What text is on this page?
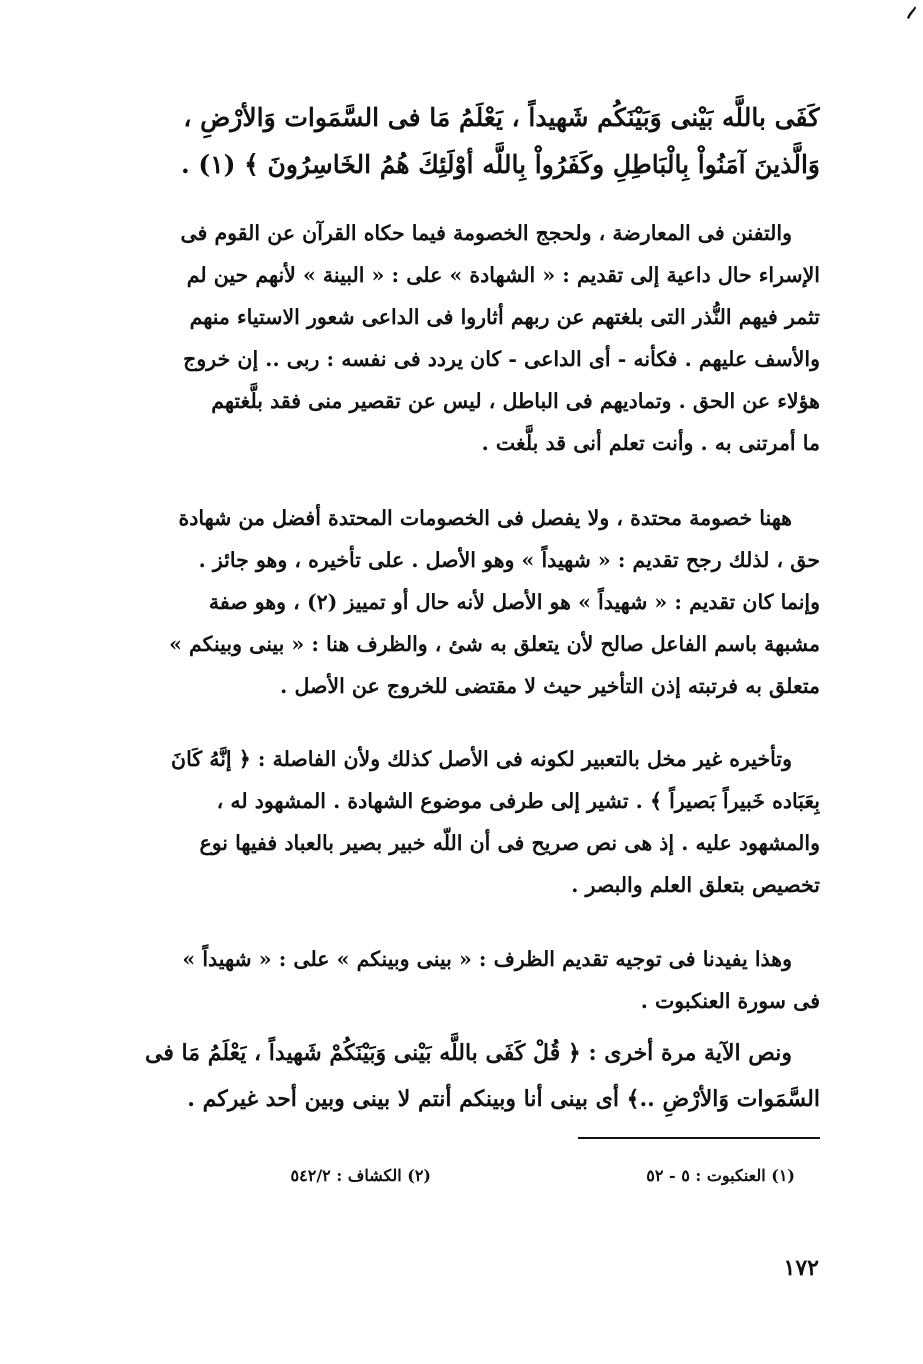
كَفَى باللَّه بَيْنى وَبَيْنَكُم شَهيداً ، يَعْلَمُ مَا فى السَّمَوات وَالأرْضِ ،
وَالَّذينَ آمَنُواْ بِالْبَاطِلِ وكَفَرُواْ بِاللَّه أوْلَئِكَ هُمُ الخَاسِرُونَ ﴾ (١) .
والتفنن فى المعارضة ، ولحجج الخصومة فيما حكاه القرآن عن القوم فى
الإسراء حال داعية إلى تقديم : « الشهادة » على : « البينة » لأنهم حين لم
تثمر فيهم النُّذر التى بلغتهم عن ربهم أثاروا فى الداعى شعور الاستياء منهم
والأسف عليهم . فكأنه - أى الداعى - كان يردد فى نفسه : ربى .. إن خروج
هؤلاء عن الحق . وتماديهم فى الباطل ، ليس عن تقصير منى فقد بلَّغتهم
ما أمرتنى به . وأنت تعلم أنى قد بلَّغت .
ههنا خصومة محتدة ، ولا يفصل فى الخصومات المحتدة أفضل من شهادة
حق ، لذلك رجح تقديم : « شهيداً » وهو الأصل . على تأخيره ، وهو جائز .
وإنما كان تقديم : « شهيداً » هو الأصل لأنه حال أو تمييز (٢) ، وهو صفة
مشبهة باسم الفاعل صالح لأن يتعلق به شئ ، والظرف هنا : « بينى وبينكم »
متعلق به فرتبته إذن التأخير حيث لا مقتضى للخروج عن الأصل .
وتأخيره غير مخل بالتعبير لكونه فى الأصل كذلك ولأن الفاصلة : ﴿ إنَّهُ كَانَ
بِعَبَاده خَبيراً بَصيراً ﴾ . تشير إلى طرفى موضوع الشهادة . المشهود له ،
والمشهود عليه . إذ هى نص صريح فى أن اللّه خبير بصير بالعباد ففيها نوع
تخصيص بتعلق العلم والبصر .
وهذا يفيدنا فى توجيه تقديم الظرف : « بينى وبينكم » على : « شهيداً »
فى سورة العنكبوت .
ونص الآية مرة أخرى : ﴿ قُلْ كَفَى باللَّه بَيْنى وَبَيْنَكُمْ شَهيداً ، يَعْلَمُ مَا فى
السَّمَوات وَالأرْضِ ..﴾ أى بينى أنا وبينكم أنتم لا بينى وبين أحد غيركم .
(١) العنكبوت : ٥ - ٥٢
(٢) الكشاف : ٥٤٢/٢
١٧٢
